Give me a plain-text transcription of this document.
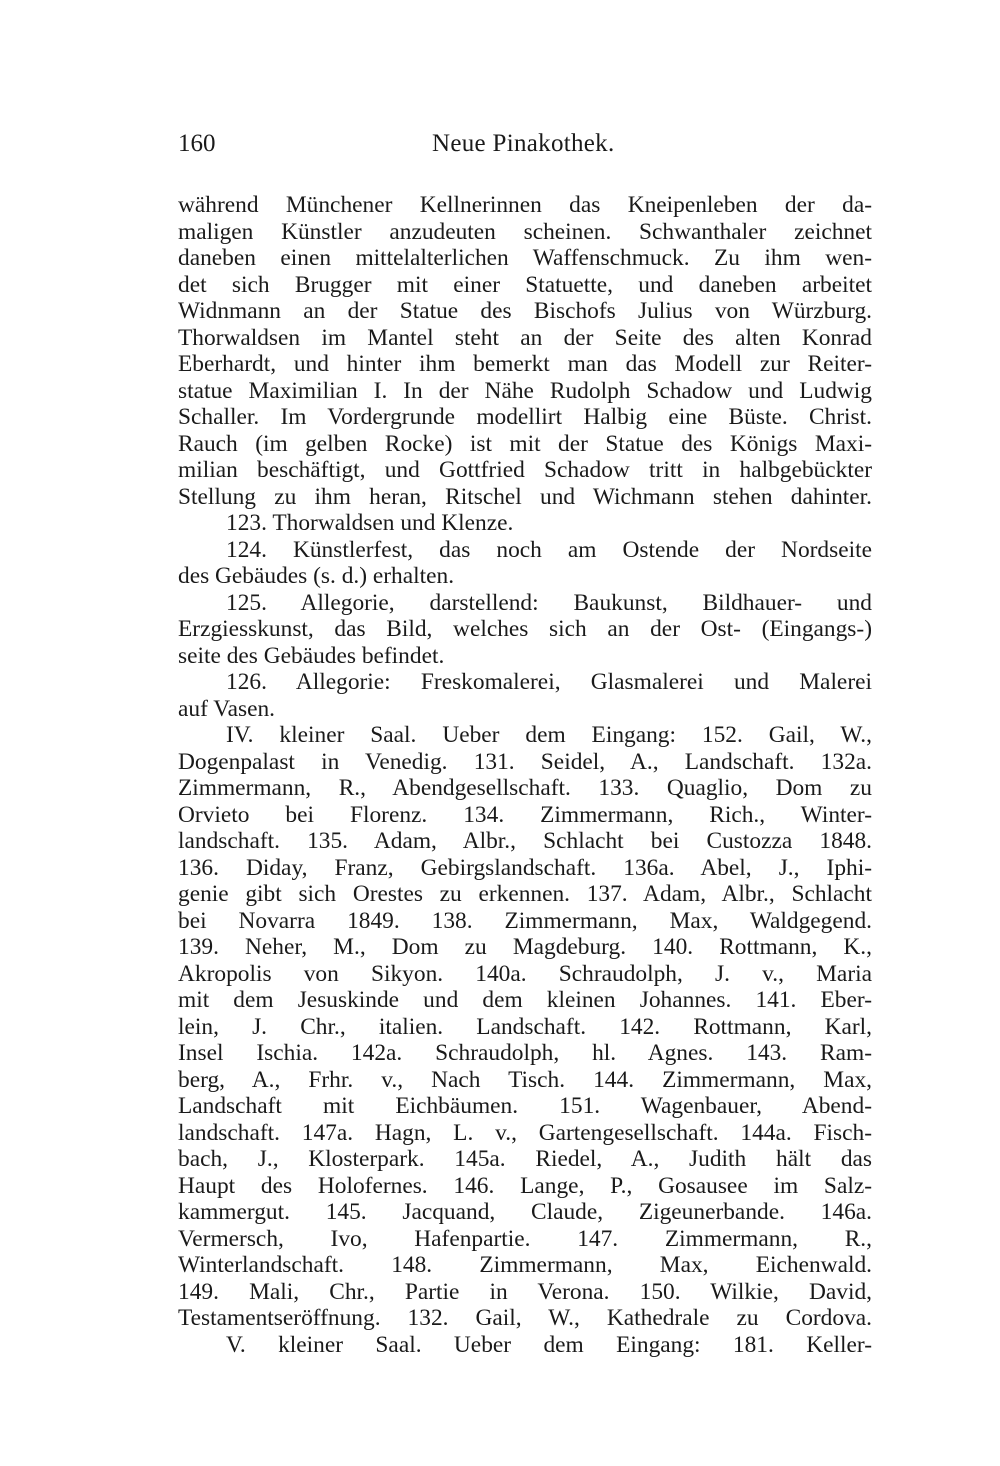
160	Neue Pinakothek.
während Münchener Kellnerinnen das Kneipenleben der da-
maligen Künstler anzudeuten scheinen. Schwanthaler zeichnet
daneben einen mittelalterlichen Waffenschmuck. Zu ihm wen-
det sich Brugger mit einer Statuette, und daneben arbeitet
Widnmann an der Statue des Bischofs Julius von Würzburg.
Thorwaldsen im Mantel steht an der Seite des alten Konrad
Eberhardt, und hinter ihm bemerkt man das Modell zur Reiter-
statue Maximilian I. In der Nähe Rudolph Schadow und Ludwig
Schaller. Im Vordergrunde modellirt Halbig eine Büste. Christ.
Rauch (im gelben Rocke) ist mit der Statue des Königs Maxi-
milian beschäftigt, und Gottfried Schadow tritt in halbgebückter
Stellung zu ihm heran, Ritschel und Wichmann stehen dahinter.
123. Thorwaldsen und Klenze.
124. Künstlerfest, das noch am Ostende der Nordseite
des Gebäudes (s. d.) erhalten.
125. Allegorie, darstellend: Baukunst, Bildhauer- und
Erzgiesskunst, das Bild, welches sich an der Ost- (Eingangs-)
seite des Gebäudes befindet.
126. Allegorie: Freskomalerei, Glasmalerei und Malerei
auf Vasen.
IV. kleiner Saal. Ueber dem Eingang: 152. Gail, W.,
Dogenpalast in Venedig. 131. Seidel, A., Landschaft. 132a.
Zimmermann, R., Abendgesellschaft. 133. Quaglio, Dom zu
Orvieto bei Florenz. 134. Zimmermann, Rich., Winter-
landschaft. 135. Adam, Albr., Schlacht bei Custozza 1848.
136. Diday, Franz, Gebirgslandschaft. 136a. Abel, J., Iphi-
genie gibt sich Orestes zu erkennen. 137. Adam, Albr., Schlacht
bei Novarra 1849. 138. Zimmermann, Max, Waldgegend.
139. Neher, M., Dom zu Magdeburg. 140. Rottmann, K.,
Akropolis von Sikyon. 140a. Schraudolph, J. v., Maria
mit dem Jesuskinde und dem kleinen Johannes. 141. Eber-
lein, J. Chr., italien. Landschaft. 142. Rottmann, Karl,
Insel Ischia. 142a. Schraudolph, hl. Agnes. 143. Ram-
berg, A., Frhr. v., Nach Tisch. 144. Zimmermann, Max,
Landschaft mit Eichbäumen. 151. Wagenbauer, Abend-
landschaft. 147a. Hagn, L. v., Gartengesellschaft. 144a. Fisch-
bach, J., Klosterpark. 145a. Riedel, A., Judith hält das
Haupt des Holofernes. 146. Lange, P., Gosausee im Salz-
kammergut. 145. Jacquand, Claude, Zigeunerbande. 146a.
Vermersch, Ivo, Hafenpartie. 147. Zimmermann, R.,
Winterlandschaft. 148. Zimmermann, Max, Eichenwald.
149. Mali, Chr., Partie in Verona. 150. Wilkie, David,
Testamentseröffnung. 132. Gail, W., Kathedrale zu Cordova.
V. kleiner Saal. Ueber dem Eingang: 181. Keller-
